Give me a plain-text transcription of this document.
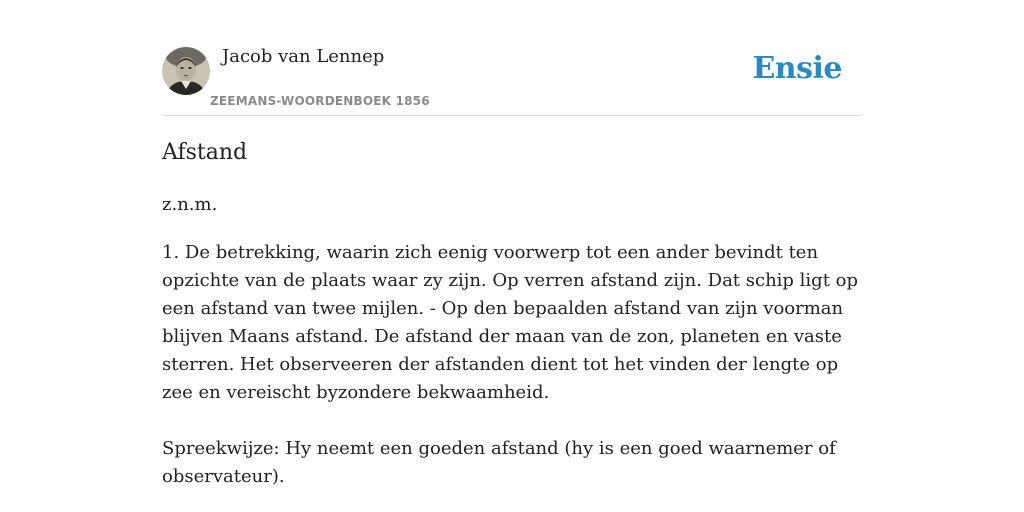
Jacob van Lennep
ZEEMANS-WOORDENBOEK 1856
Ensie
Afstand
z.n.m.

1. De betrekking, waarin zich eenig voorwerp tot een ander bevindt ten opzichte van de plaats waar zy zijn. Op verren afstand zijn. Dat schip ligt op een afstand van twee mijlen. - Op den bepaalden afstand van zijn voorman blijven Maans afstand. De afstand der maan van de zon, planeten en vaste sterren. Het observeeren der afstanden dient tot het vinden der lengte op zee en vereischt byzondere bekwaamheid.

Spreekwijze: Hy neemt een goeden afstand (hy is een goed waarnemer of observateur).
